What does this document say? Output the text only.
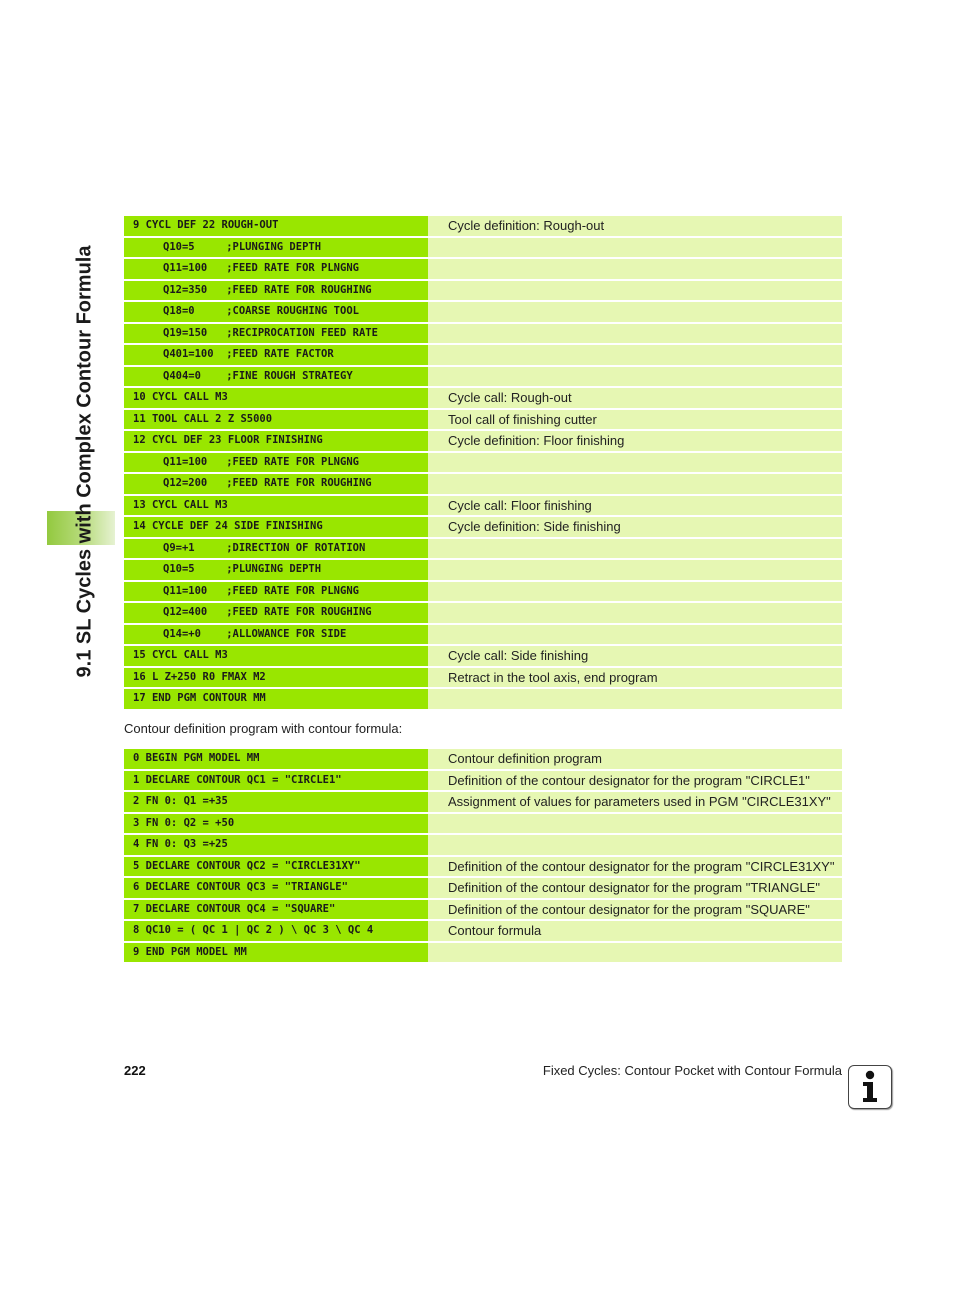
9.1 SL Cycles with Complex Contour Formula
9 CYCL DEF 22 ROUGH-OUT	Cycle definition: Rough-out
Q10=5     ;PLUNGING DEPTH
Q11=100   ;FEED RATE FOR PLNGNG
Q12=350   ;FEED RATE FOR ROUGHING
Q18=0     ;COARSE ROUGHING TOOL
Q19=150   ;RECIPROCATION FEED RATE
Q401=100  ;FEED RATE FACTOR
Q404=0    ;FINE ROUGH STRATEGY
10 CYCL CALL M3	Cycle call: Rough-out
11 TOOL CALL 2 Z S5000	Tool call of finishing cutter
12 CYCL DEF 23 FLOOR FINISHING	Cycle definition: Floor finishing
Q11=100   ;FEED RATE FOR PLNGNG
Q12=200   ;FEED RATE FOR ROUGHING
13 CYCL CALL M3	Cycle call: Floor finishing
14 CYCLE DEF 24 SIDE FINISHING	Cycle definition: Side finishing
Q9=+1     ;DIRECTION OF ROTATION
Q10=5     ;PLUNGING DEPTH
Q11=100   ;FEED RATE FOR PLNGNG
Q12=400   ;FEED RATE FOR ROUGHING
Q14=+0    ;ALLOWANCE FOR SIDE
15 CYCL CALL M3	Cycle call: Side finishing
16 L Z+250 R0 FMAX M2	Retract in the tool axis, end program
17 END PGM CONTOUR MM
Contour definition program with contour formula:
0 BEGIN PGM MODEL MM	Contour definition program
1 DECLARE CONTOUR QC1 = "CIRCLE1"	Definition of the contour designator for the program "CIRCLE1"
2 FN 0: Q1 =+35	Assignment of values for parameters used in PGM "CIRCLE31XY"
3 FN 0: Q2 = +50
4 FN 0: Q3 =+25
5 DECLARE CONTOUR QC2 = "CIRCLE31XY"	Definition of the contour designator for the program "CIRCLE31XY"
6 DECLARE CONTOUR QC3 = "TRIANGLE"	Definition of the contour designator for the program "TRIANGLE"
7 DECLARE CONTOUR QC4 = "SQUARE"	Definition of the contour designator for the program "SQUARE"
8 QC10 = ( QC 1 | QC 2 ) \ QC 3 \ QC 4	Contour formula
9 END PGM MODEL MM
222	Fixed Cycles: Contour Pocket with Contour Formula
